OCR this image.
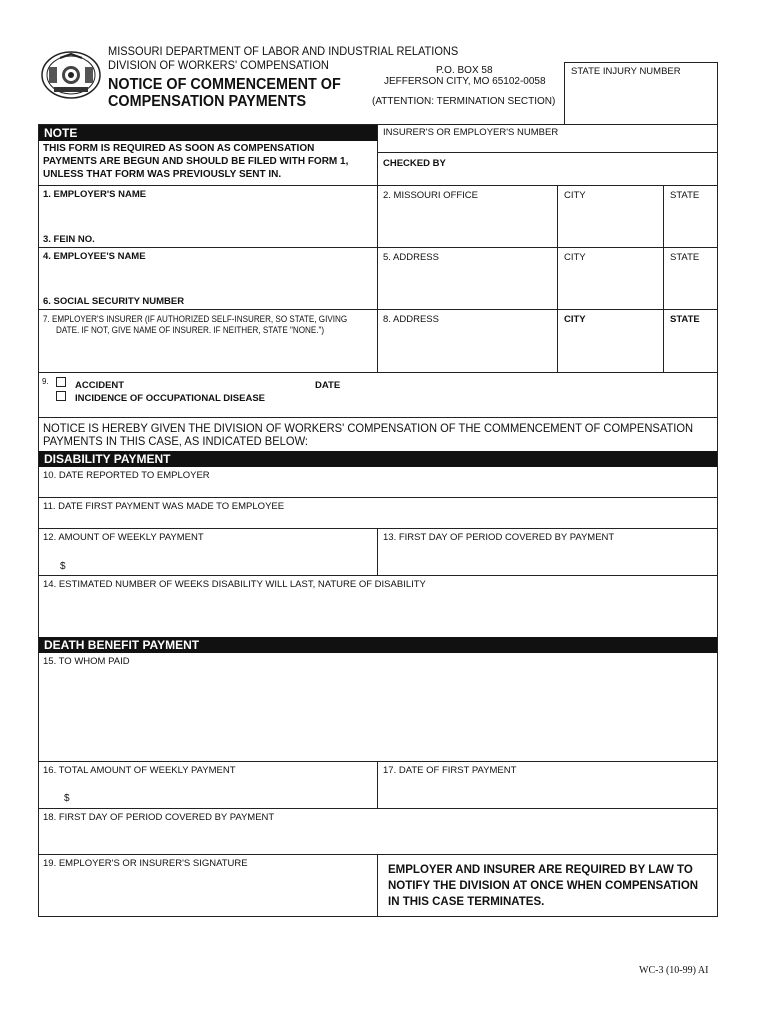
MISSOURI DEPARTMENT OF LABOR AND INDUSTRIAL RELATIONS
DIVISION OF WORKERS' COMPENSATION
NOTICE OF COMMENCEMENT OF
COMPENSATION PAYMENTS
P.O. BOX 58
JEFFERSON CITY, MO 65102-0058
(ATTENTION: TERMINATION SECTION)
STATE INJURY NUMBER
NOTE
THIS FORM IS REQUIRED AS SOON AS COMPENSATION
PAYMENTS ARE BEGUN AND SHOULD BE FILED WITH FORM 1,
UNLESS THAT FORM WAS PREVIOUSLY SENT IN.
INSURER'S OR EMPLOYER'S NUMBER
CHECKED BY
1. EMPLOYER'S NAME	2. MISSOURI OFFICE	CITY	STATE
3. FEIN NO.
4. EMPLOYEE'S NAME	5. ADDRESS	CITY	STATE
6. SOCIAL SECURITY NUMBER
7. EMPLOYER'S INSURER (IF AUTHORIZED SELF-INSURER, SO STATE, GIVING
DATE. IF NOT, GIVE NAME OF INSURER. IF NEITHER, STATE "NONE.")
8. ADDRESS	CITY	STATE
9.	ACCIDENT
INCIDENCE OF OCCUPATIONAL DISEASE
DATE
NOTICE IS HEREBY GIVEN THE DIVISION OF WORKERS' COMPENSATION OF THE COMMENCEMENT OF COMPENSATION
PAYMENTS IN THIS CASE, AS INDICATED BELOW:
DISABILITY PAYMENT
10. DATE REPORTED TO EMPLOYER
11. DATE FIRST PAYMENT WAS MADE TO EMPLOYEE
12. AMOUNT OF WEEKLY PAYMENT
$
13. FIRST DAY OF PERIOD COVERED BY PAYMENT
14. ESTIMATED NUMBER OF WEEKS DISABILITY WILL LAST, NATURE OF DISABILITY
DEATH BENEFIT PAYMENT
15. TO WHOM PAID
16. TOTAL AMOUNT OF WEEKLY PAYMENT
$
17. DATE OF FIRST PAYMENT
18. FIRST DAY OF PERIOD COVERED BY PAYMENT
19. EMPLOYER'S OR INSURER'S SIGNATURE
EMPLOYER AND INSURER ARE REQUIRED BY LAW TO
NOTIFY THE DIVISION AT ONCE WHEN COMPENSATION
IN THIS CASE TERMINATES.
WC-3 (10-99) AI
